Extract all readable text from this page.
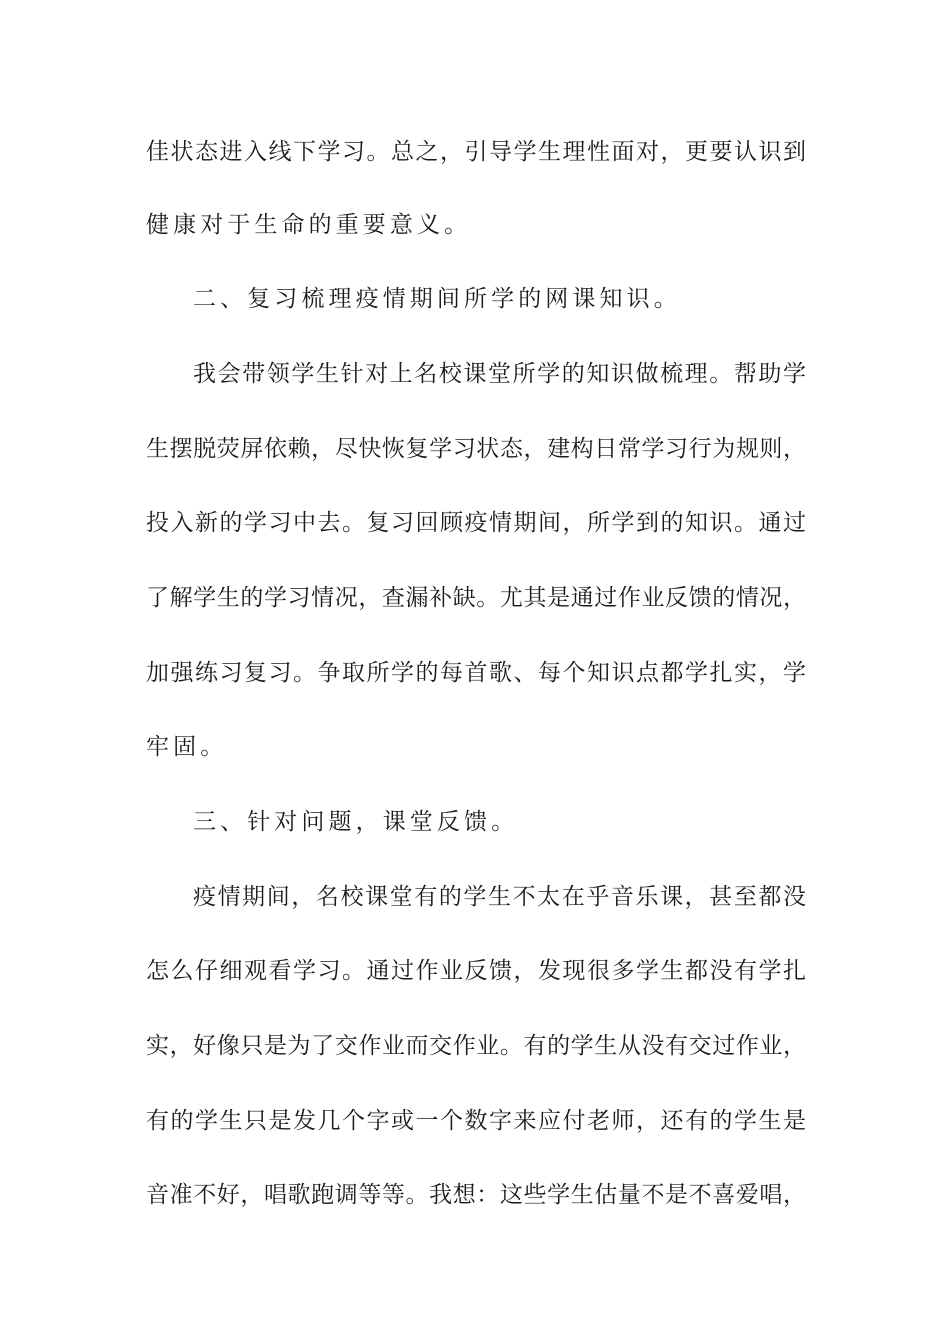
佳状态进入线下学习。总之，引导学生理性面对，更要认识到
健康对于生命的重要意义。
二、复习梳理疫情期间所学的网课知识。
我会带领学生针对上名校课堂所学的知识做梳理。帮助学
生摆脱荧屏依赖，尽快恢复学习状态，建构日常学习行为规则，
投入新的学习中去。复习回顾疫情期间，所学到的知识。通过
了解学生的学习情况，查漏补缺。尤其是通过作业反馈的情况，
加强练习复习。争取所学的每首歌、每个知识点都学扎实，学
牢固。
三、针对问题，课堂反馈。
疫情期间，名校课堂有的学生不太在乎音乐课，甚至都没
怎么仔细观看学习。通过作业反馈，发现很多学生都没有学扎
实，好像只是为了交作业而交作业。有的学生从没有交过作业，
有的学生只是发几个字或一个数字来应付老师，还有的学生是
音准不好，唱歌跑调等等。我想：这些学生估量不是不喜爱唱，
